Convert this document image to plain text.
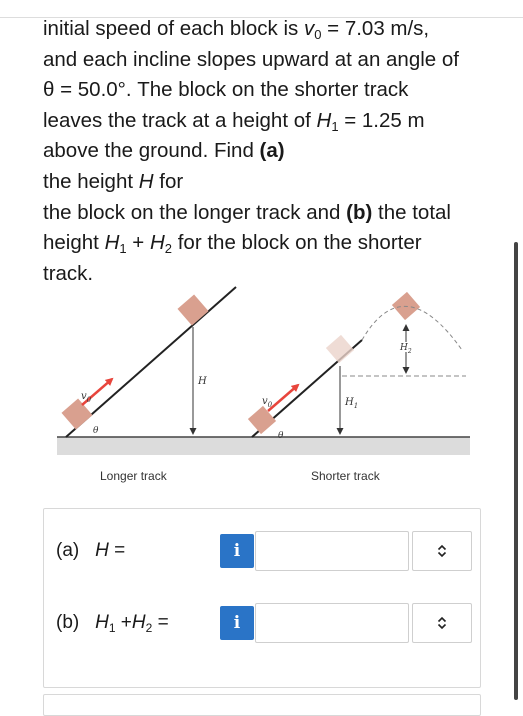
initial speed of each block is $v_0 = 7.03$ m/s,
and each incline slopes upward at an angle of
θ = 50.0°. The block on the shorter track
leaves the track at a height of $H_1 = 1.25$ m
above the ground. Find (a)
the height H for
the block on the longer track and (b) the total
height $H_1 + H_2$ for the block on the shorter
track.
$v_0$
θ
H
Longer track
$v_0$
θ
$H_1$
$H_2$
Shorter track
(a) H =	i
(b) $H_1 +H_2$ =	i
